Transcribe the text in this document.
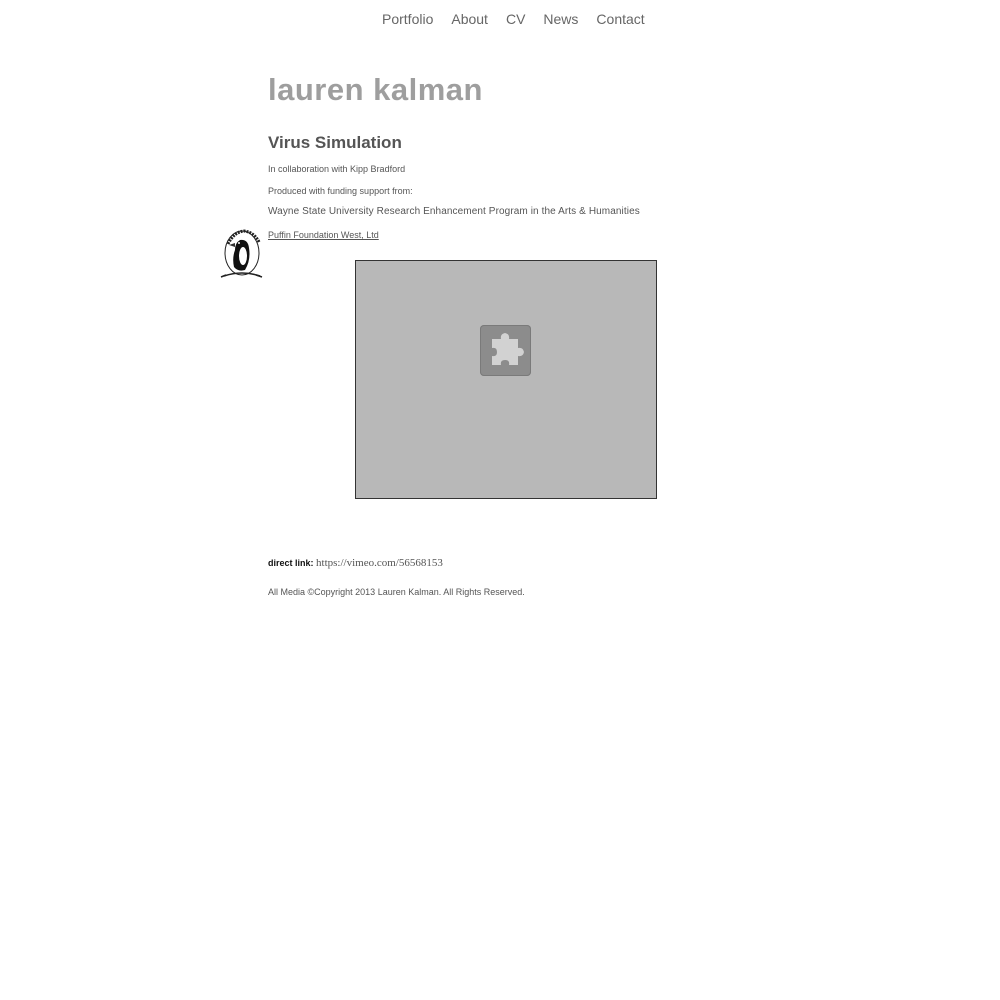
Portfolio About CV News Contact
lauren kalman
Virus Simulation
In collaboration with Kipp Bradford
Produced with funding support from:
Wayne State University Research Enhancement Program in the Arts & Humanities
Puffin Foundation West, Ltd
direct link: https://vimeo.com/56568153
All Media ©Copyright 2013 Lauren Kalman. All Rights Reserved.
